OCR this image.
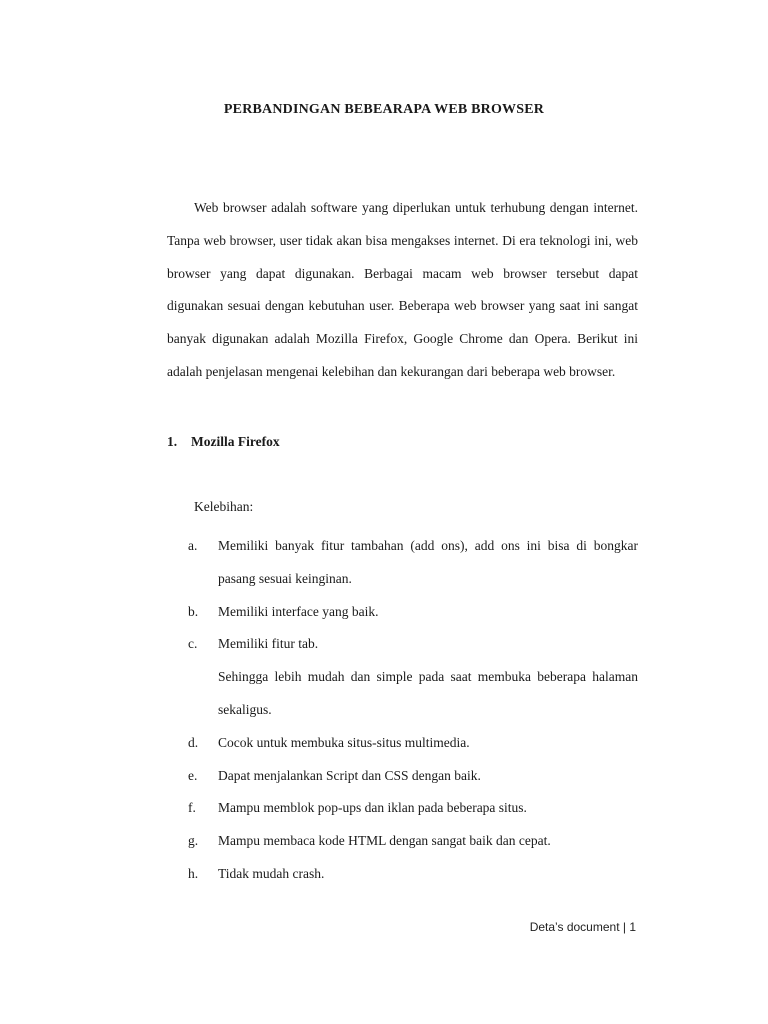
PERBANDINGAN BEBEARAPA WEB BROWSER

Web browser adalah software yang diperlukan untuk terhubung dengan internet. Tanpa web browser, user tidak akan bisa mengakses internet. Di era teknologi ini, web browser yang dapat digunakan. Berbagai macam web browser tersebut dapat digunakan sesuai dengan kebutuhan user. Beberapa web browser yang saat ini sangat banyak digunakan adalah Mozilla Firefox, Google Chrome dan Opera. Berikut ini adalah penjelasan mengenai kelebihan dan kekurangan dari beberapa web browser.

1. Mozilla Firefox

Kelebihan:

a.	Memiliki banyak fitur tambahan (add ons), add ons ini bisa di bongkar pasang sesuai keinginan.
b.	Memiliki interface yang baik.
c.	Memiliki fitur tab.
Sehingga lebih mudah dan simple pada saat membuka beberapa halaman sekaligus.
d.	Cocok untuk membuka situs-situs multimedia.
e.	Dapat menjalankan Script dan CSS dengan baik.
f.	Mampu memblok pop-ups dan iklan pada beberapa situs.
g.	Mampu membaca kode HTML dengan sangat baik dan cepat.
h.	Tidak mudah crash.
Deta’s document | 1
